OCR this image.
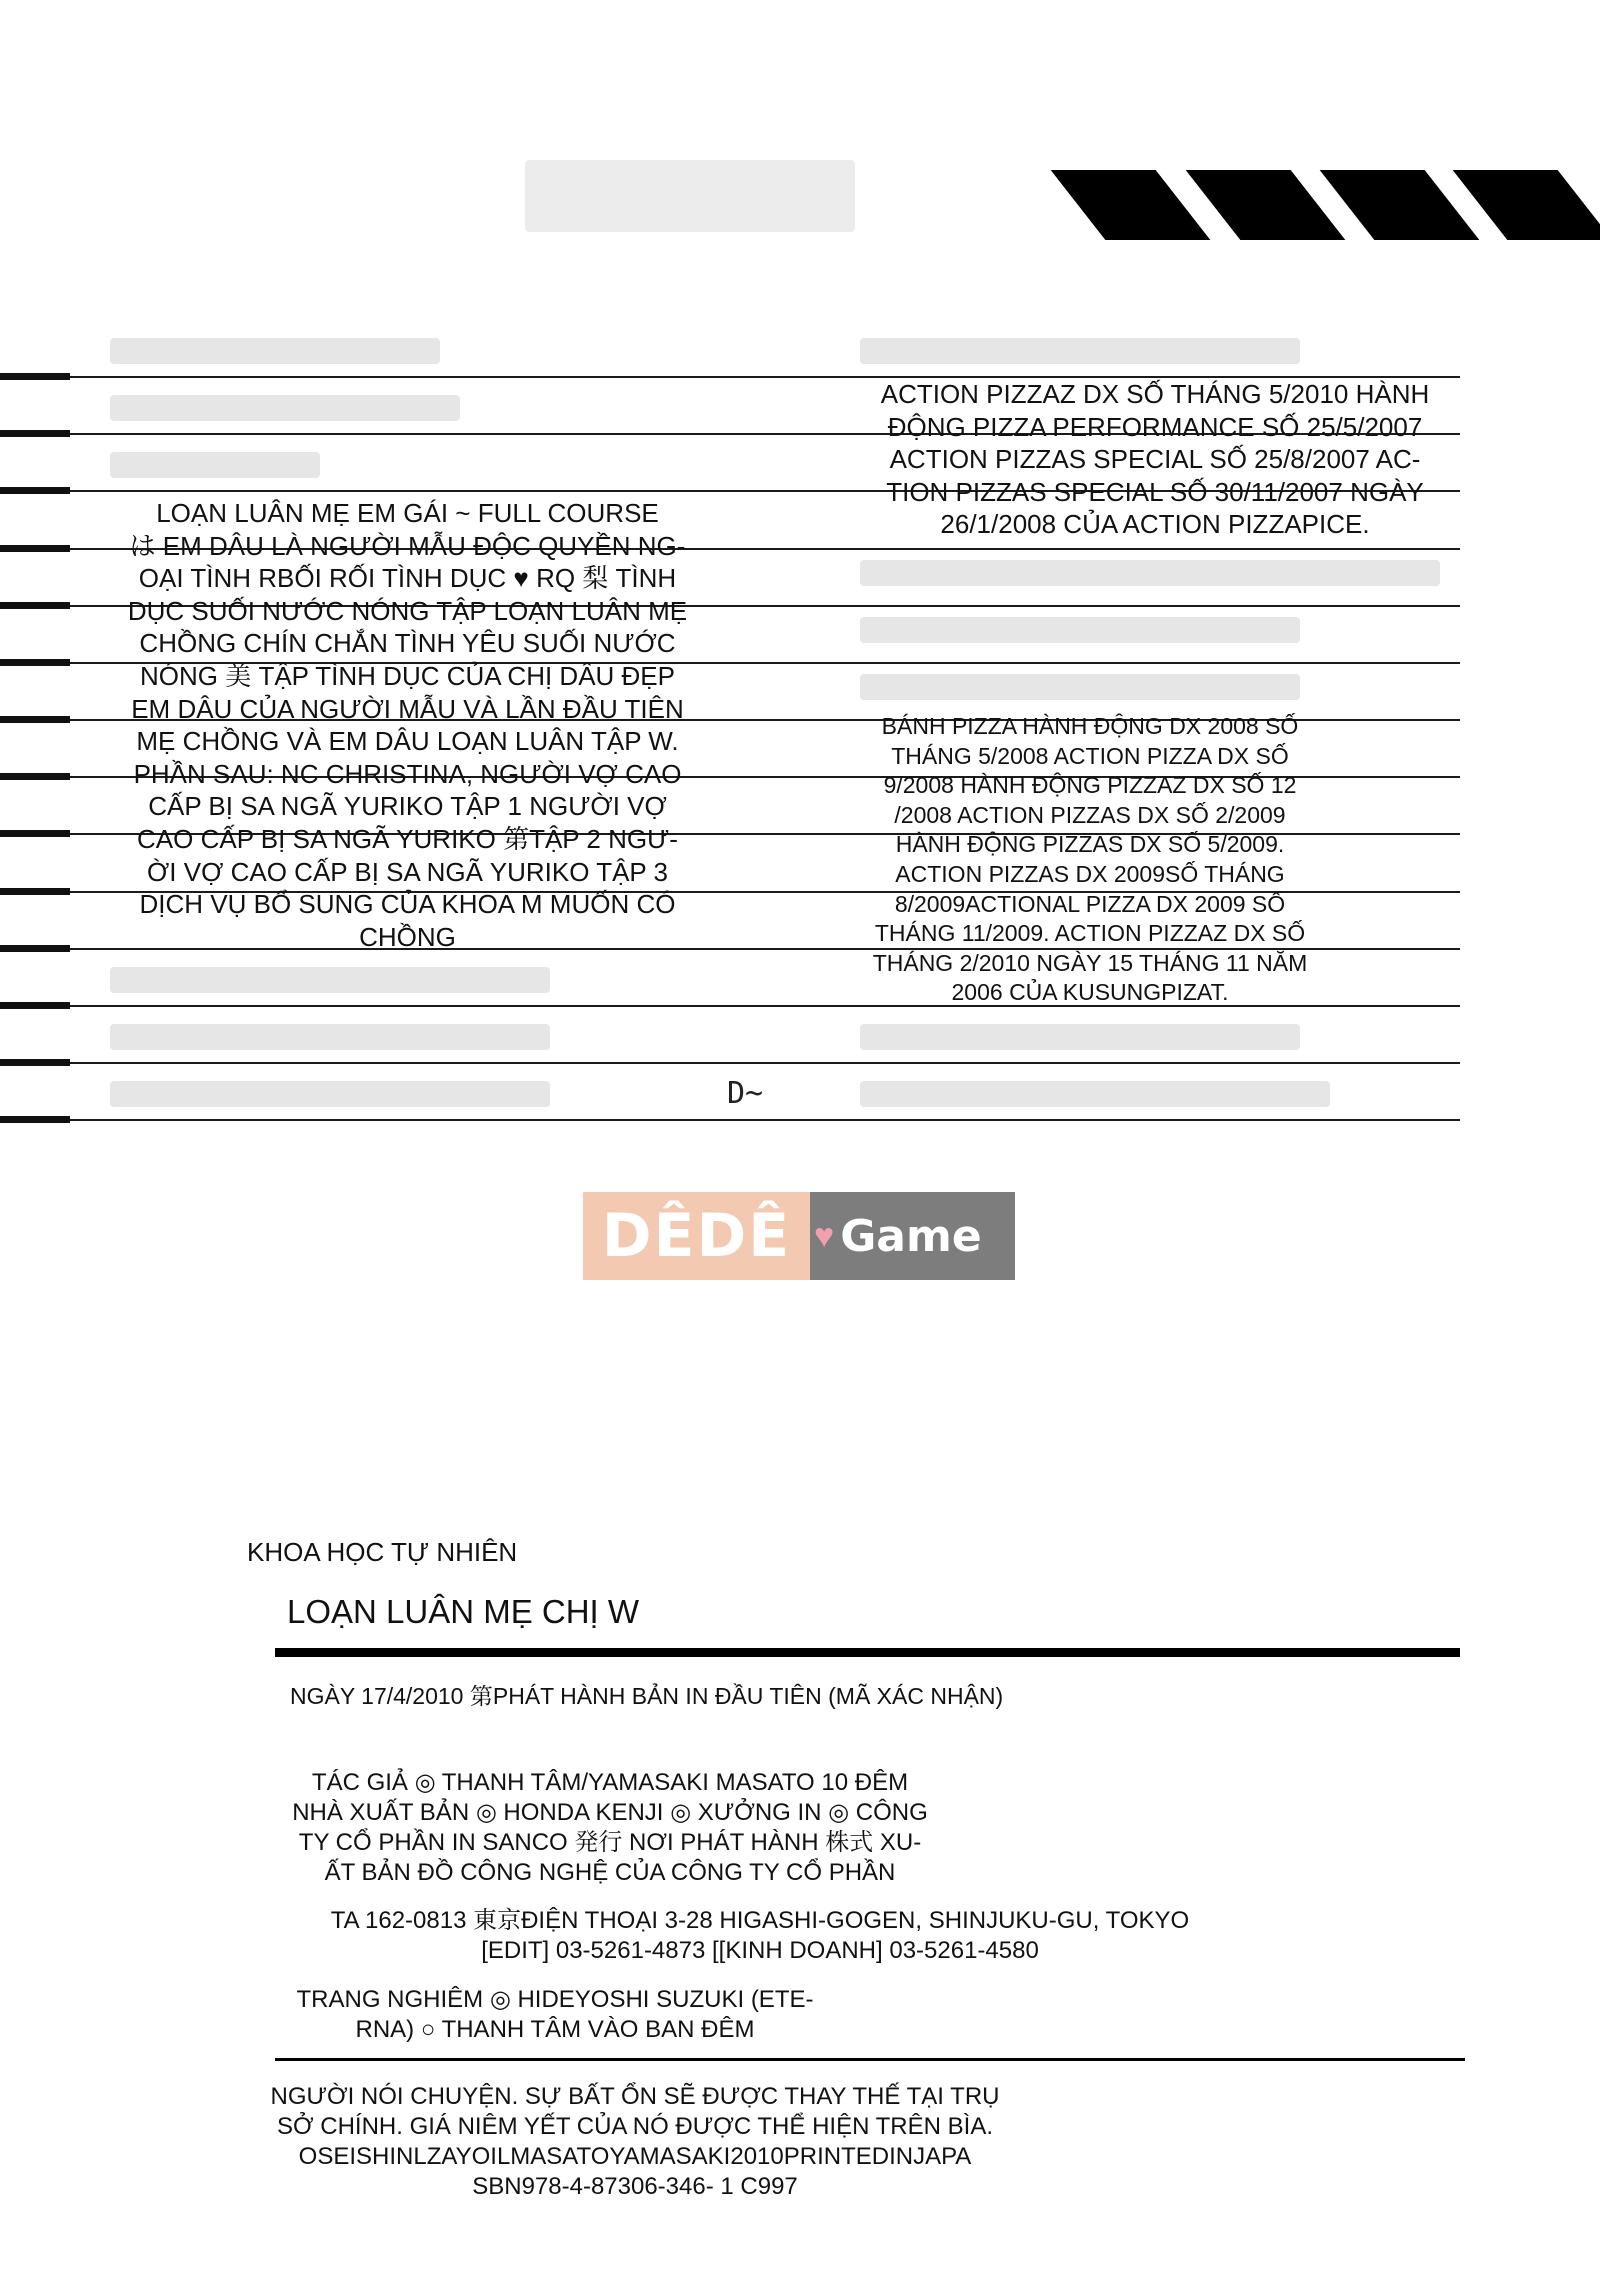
ACTION PIZZAZ DX SỐ THÁNG 5/2010 HÀNH
ĐỘNG PIZZA PERFORMANCE SỐ 25/5/2007
ACTION PIZZAS SPECIAL SỐ 25/8/2007 AC-
TION PIZZAS SPECIAL SỐ 30/11/2007 NGÀY
26/1/2008 CỦA ACTION PIZZAPICE.
LOẠN LUÂN MẸ EM GÁI ~ FULL COURSE
は EM DÂU LÀ NGƯỜI MẪU ĐỘC QUYỀN NG-
OẠI TÌNH RBỐI RỐI TÌNH DỤC ♥ RQ 梨 TÌNH
DỤC SUỐI NƯỚC NÓNG TẬP LOẠN LUÂN MẸ
CHỒNG CHÍN CHẮN TÌNH YÊU SUỐI NƯỚC
NÓNG 美 TẬP TÌNH DỤC CỦA CHỊ DÂU ĐẸP
EM DÂU CỦA NGƯỜI MẪU VÀ LẦN ĐẦU TIÊN
MẸ CHỒNG VÀ EM DÂU LOẠN LUÂN TẬP W.
PHẦN SAU: NC CHRISTINA, NGƯỜI VỢ CAO
CẤP BỊ SA NGÃ YURIKO TẬP 1 NGƯỜI VỢ
CAO CẤP BỊ SA NGÃ YURIKO 第TẬP 2 NGƯ-
ỜI VỢ CAO CẤP BỊ SA NGÃ YURIKO TẬP 3
DỊCH VỤ BỔ SUNG CỦA KHOA M MUỐN CÓ
CHỒNG
BÁNH PIZZA HÀNH ĐỘNG DX 2008 SỐ
THÁNG 5/2008 ACTION PIZZA DX SỐ
9/2008 HÀNH ĐỘNG PIZZAZ DX SỐ 12
/2008 ACTION PIZZAS DX SỐ 2/2009
HÀNH ĐỘNG PIZZAS DX SỐ 5/2009.
ACTION PIZZAS DX 2009SỐ THÁNG
8/2009ACTIONAL PIZZA DX 2009 SỐ
THÁNG 11/2009. ACTION PIZZAZ DX SỐ
THÁNG 2/2010 NGÀY 15 THÁNG 11 NĂM
2006 CỦA KUSUNGPIZAT.
D~
DÊDÊ ♥ Game
KHOA HỌC TỰ NHIÊN
LOẠN LUÂN MẸ CHỊ W
NGÀY 17/4/2010 第PHÁT HÀNH BẢN IN ĐẦU TIÊN (MÃ XÁC NHẬN)
TÁC GIẢ ◎ THANH TÂM/YAMASAKI MASATO 10 ĐÊM
NHÀ XUẤT BẢN ◎ HONDA KENJI ◎ XƯỞNG IN ◎ CÔNG
TY CỔ PHẦN IN SANCO 発行 NƠI PHÁT HÀNH 株式 XU-
ẤT BẢN ĐỒ CÔNG NGHỆ CỦA CÔNG TY CỔ PHẦN
TA 162-0813 東京ĐIỆN THOẠI 3-28 HIGASHI-GOGEN, SHINJUKU-GU, TOKYO
[EDIT] 03-5261-4873 [[KINH DOANH] 03-5261-4580
TRANG NGHIÊM ◎ HIDEYOSHI SUZUKI (ETE-
RNA) ○ THANH TÂM VÀO BAN ĐÊM
NGƯỜI NÓI CHUYỆN. SỰ BẤT ỔN SẼ ĐƯỢC THAY THẾ TẠI TRỤ
SỞ CHÍNH. GIÁ NIÊM YẾT CỦA NÓ ĐƯỢC THỂ HIỆN TRÊN BÌA.
OSEISHINLZAYOILMASATOYAMASAKI2010PRINTEDINJAPA
SBN978-4-87306-346- 1 C997
